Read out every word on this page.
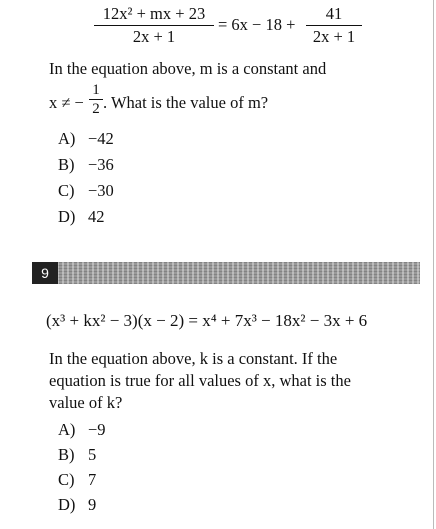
12x² + mx + 23
2x + 1
= 6x − 18 +
41
2x + 1
In the equation above, m is a constant and
x ≠ −
1
2 . What is the value of m?
A) −42
B) −36
C) −30
D) 42
9
(x³ + kx² − 3)(x − 2) = x⁴ + 7x³ − 18x² − 3x + 6
In the equation above, k is a constant. If the
equation is true for all values of x, what is the
value of k?
A) −9
B) 5
C) 7
D) 9
